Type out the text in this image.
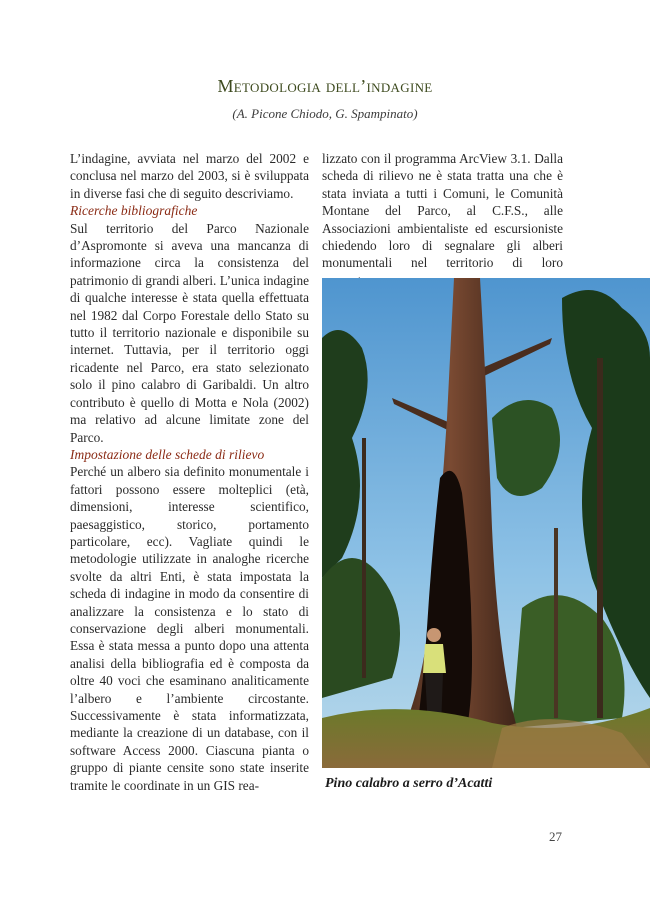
Metodologia dell’indagine
(A. Picone Chiodo, G. Spampinato)

L’indagine, avviata nel marzo del 2002 e conclusa nel marzo del 2003, si è sviluppata in diverse fasi che di seguito descriviamo.

Ricerche bibliografiche

Sul territorio del Parco Nazionale d’Aspromonte si aveva una mancanza di informazione circa la consistenza del patrimonio di grandi alberi. L’unica indagine di qualche interesse è stata quella effettuata nel 1982 dal Corpo Forestale dello Stato su tutto il territorio nazionale e disponibile su internet. Tuttavia, per il territorio oggi ricadente nel Parco, era stato selezionato solo il pino calabro di Garibaldi. Un altro contributo è quello di Motta e Nola (2002) ma relativo ad alcune limitate zone del Parco.

Impostazione delle schede di rilievo

Perché un albero sia definito monumentale i fattori possono essere molteplici (età, dimensioni, interesse scientifico, paesaggistico, storico, portamento particolare, ecc). Vagliate quindi le metodologie utilizzate in analoghe ricerche svolte da altri Enti, è stata impostata la scheda di indagine in modo da consentire di analizzare la consistenza e lo stato di conservazione degli alberi monumentali. Essa è stata messa a punto dopo una attenta analisi della bibliografia ed è composta da oltre 40 voci che esaminano analiticamente l’albero e l’ambiente circostante. Successivamente è stata informatizzata, mediante la creazione di un database, con il software Access 2000. Ciascuna pianta o gruppo di piante censite sono state inserite tramite le coordinate in un GIS rea-

lizzato con il programma ArcView 3.1. Dalla scheda di rilievo ne è stata tratta una che è stata inviata a tutti i Comuni, le Comunità Montane del Parco, al C.F.S., alle Associazioni ambientaliste ed escursioniste chiedendo loro di segnalare gli alberi monumentali nel territorio di loro

Pino calabro a serro d’Acatti
27
